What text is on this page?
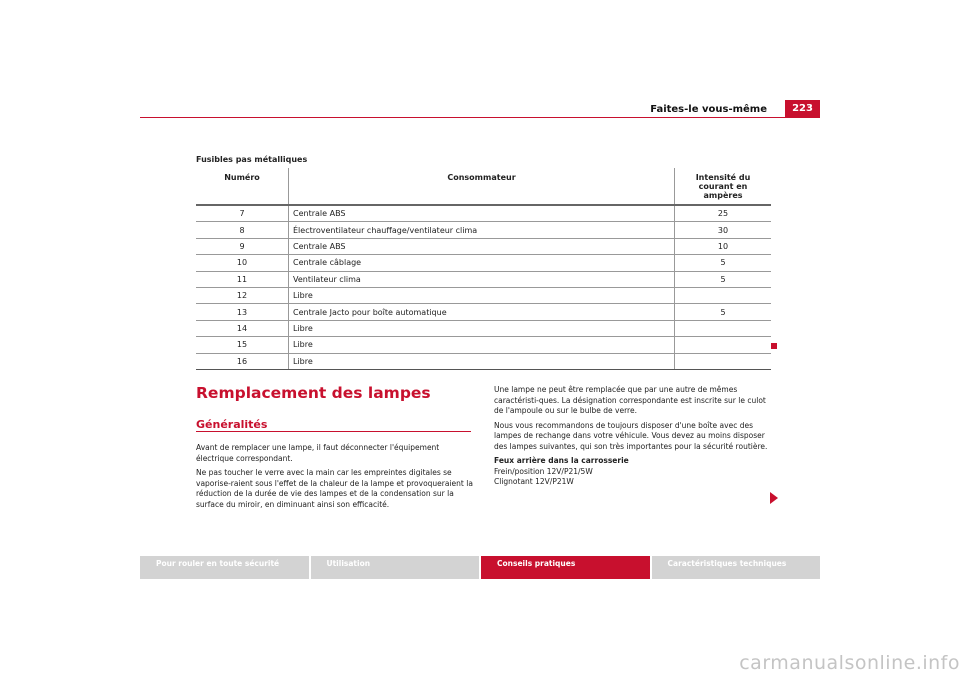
Faites-le vous-même	223
Fusibles pas métalliques
Numéro	Consommateur	Intensité du courant en ampères
7	Centrale ABS	25
8	Électroventilateur chauffage/ventilateur clima	30
9	Centrale ABS	10
10	Centrale câblage	5
11	Ventilateur clima	5
12	Libre	
13	Centrale Jacto pour boîte automatique	5
14	Libre	
15	Libre	
16	Libre	
Remplacement des lampes
Généralités

Avant de remplacer une lampe, il faut déconnecter l'équipement électrique correspondant.

Ne pas toucher le verre avec la main car les empreintes digitales se vaporise-raient sous l'effet de la chaleur de la lampe et provoqueraient la réduction de la durée de vie des lampes et de la condensation sur la surface du miroir, en diminuant ainsi son efficacité.

Une lampe ne peut être remplacée que par une autre de mêmes caractéristi-ques. La désignation correspondante est inscrite sur le culot de l'ampoule ou sur le bulbe de verre.

Nous vous recommandons de toujours disposer d'une boîte avec des lampes de rechange dans votre véhicule. Vous devez au moins disposer des lampes suivantes, qui son très importantes pour la sécurité routière.

Feux arrière dans la carrosserie
Frein/position 12V/P21/5W
Clignotant 12V/P21W
Pour rouler en toute sécurité	Utilisation	Conseils pratiques	Caractéristiques techniques
carmanualsonline.info
